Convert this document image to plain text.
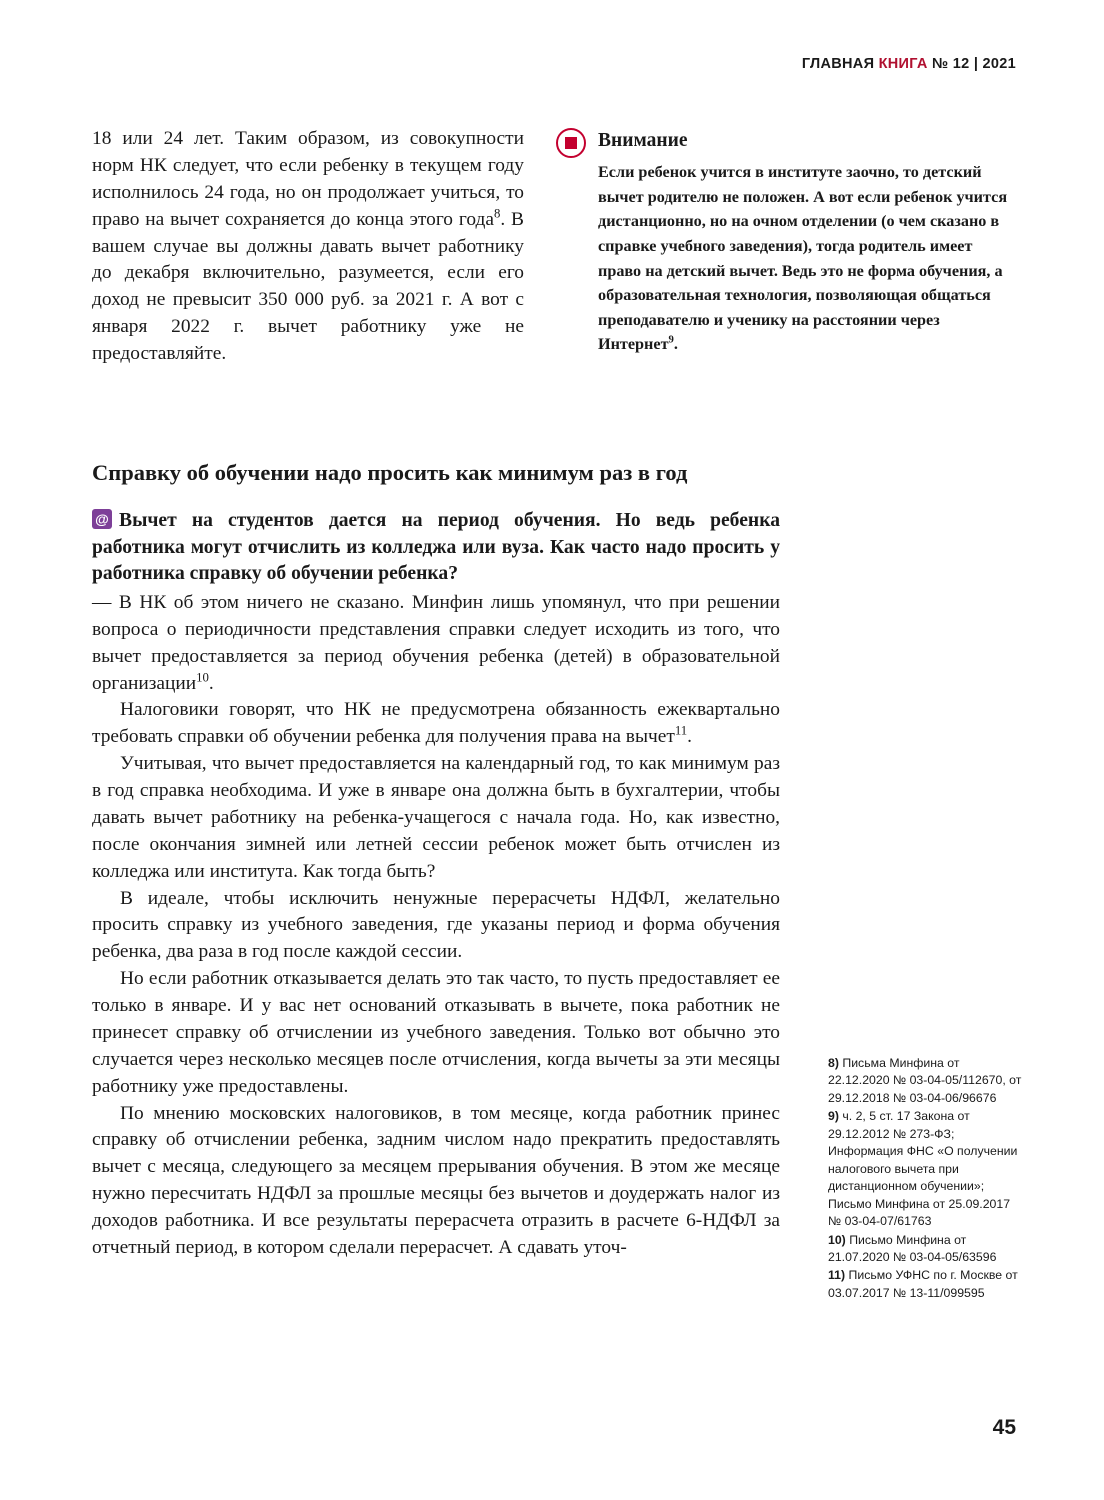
ГЛАВНАЯ КНИГА № 12 | 2021

18 или 24 лет. Таким образом, из совокупности норм НК следует, что если ребенку в текущем году исполнилось 24 года, но он продолжает учиться, то право на вычет сохраняется до конца этого года$^8$. В вашем случае вы должны давать вычет работнику до декабря включительно, разумеется, если его доход не превысит 350 000 руб. за 2021 г. А вот с января 2022 г. вычет работнику уже не предоставляйте.

Внимание
Если ребенок учится в институте заочно, то детский вычет родителю не положен. А вот если ребенок учится дистанционно, но на очном отделении (о чем сказано в справке учебного заведения), тогда родитель имеет право на детский вычет. Ведь это не форма обучения, а образовательная технология, позволяющая общаться преподавателю и ученику на расстоянии через Интернет$^9$.
Справку об обучении надо просить как минимум раз в год
@ Вычет на студентов дается на период обучения. Но ведь ребенка работника могут отчислить из колледжа или вуза. Как часто надо просить у работника справку об обучении ребенка?

— В НК об этом ничего не сказано. Минфин лишь упомянул, что при решении вопроса о периодичности представления справки следует исходить из того, что вычет предоставляется за период обучения ребенка (детей) в образовательной организации$^{10}$.

Налоговики говорят, что НК не предусмотрена обязанность ежеквартально требовать справки об обучении ребенка для получения права на вычет$^{11}$.

Учитывая, что вычет предоставляется на календарный год, то как минимум раз в год справка необходима. И уже в январе она должна быть в бухгалтерии, чтобы давать вычет работнику на ребенка-учащегося с начала года. Но, как известно, после окончания зимней или летней сессии ребенок может быть отчислен из колледжа или института. Как тогда быть?

В идеале, чтобы исключить ненужные перерасчеты НДФЛ, желательно просить справку из учебного заведения, где указаны период и форма обучения ребенка, два раза в год после каждой сессии.

Но если работник отказывается делать это так часто, то пусть предоставляет ее только в январе. И у вас нет оснований отказывать в вычете, пока работник не принесет справку об отчислении из учебного заведения. Только вот обычно это случается через несколько месяцев после отчисления, когда вычеты за эти месяцы работнику уже предоставлены.

По мнению московских налоговиков, в том месяце, когда работник принес справку об отчислении ребенка, задним числом надо прекратить предоставлять вычет с месяца, следующего за месяцем прерывания обучения. В этом же месяце нужно пересчитать НДФЛ за прошлые месяцы без вычетов и доудержать налог из доходов работника. И все результаты перерасчета отразить в расчете 6-НДФЛ за отчетный период, в котором сделали перерасчет. А сдавать уточ-

8) Письма Минфина от 22.12.2020 № 03-04-05/112670, от 29.12.2018 № 03-04-06/96676
9) ч. 2, 5 ст. 17 Закона от 29.12.2012 № 273-ФЗ; Информация ФНС «О получении налогового вычета при дистанционном обучении»; Письмо Минфина от 25.09.2017 № 03-04-07/61763
10) Письмо Минфина от 21.07.2020 № 03-04-05/63596
11) Письмо УФНС по г. Москве от 03.07.2017 № 13-11/099595
45
